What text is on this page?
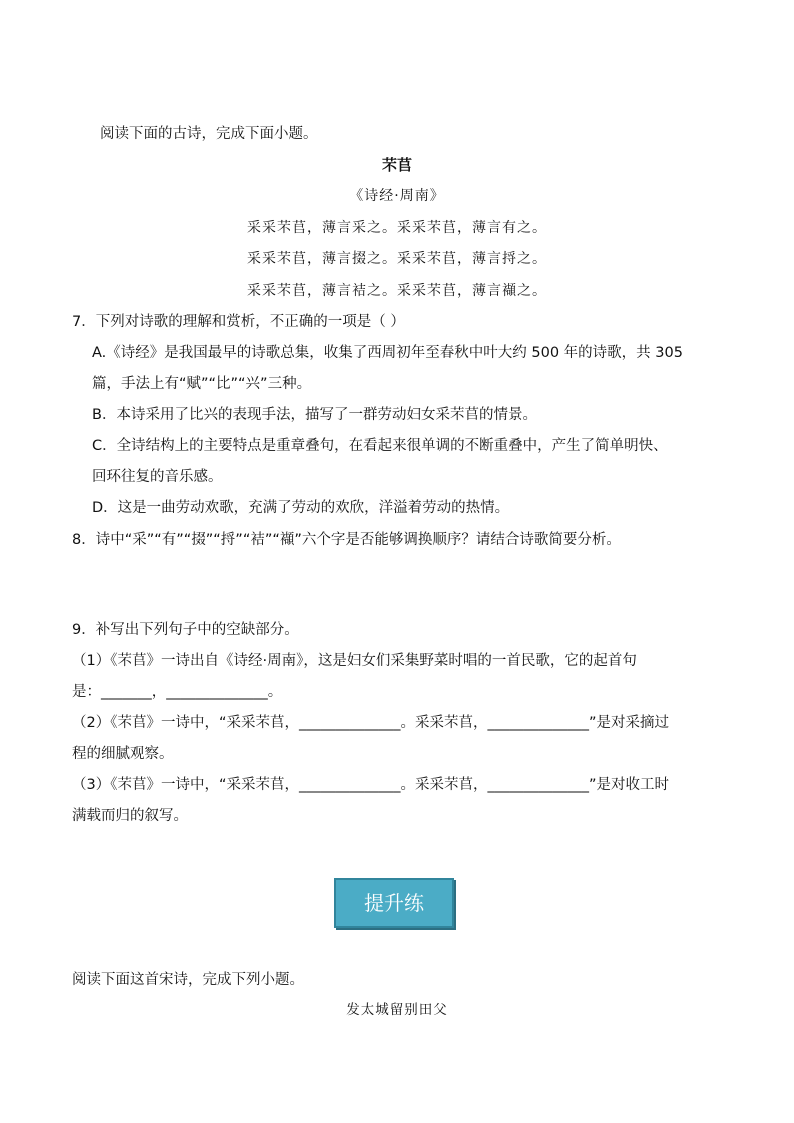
阅读下面的古诗，完成下面小题。
芣苢
《诗经·周南》
采采芣苢，薄言采之。采采芣苢，薄言有之。
采采芣苢，薄言掇之。采采芣苢，薄言捋之。
采采芣苢，薄言袺之。采采芣苢，薄言襭之。
7．下列对诗歌的理解和赏析，不正确的一项是（ ）
A.《诗经》是我国最早的诗歌总集，收集了西周初年至春秋中叶大约 500 年的诗歌，共 305
篇，手法上有“赋”“比”“兴”三种。
B．本诗采用了比兴的表现手法，描写了一群劳动妇女采芣苢的情景。
C．全诗结构上的主要特点是重章叠句，在看起来很单调的不断重叠中，产生了简单明快、
回环往复的音乐感。
D．这是一曲劳动欢歌，充满了劳动的欢欣，洋溢着劳动的热情。
8．诗中“采”“有”“掇”“捋”“袺”“襭”六个字是否能够调换顺序？请结合诗歌简要分析。
9．补写出下列句子中的空缺部分。
（1）《芣苢》一诗出自《诗经·周南》，这是妇女们采集野菜时唱的一首民歌，它的起首句
是：_______，______________。
（2）《芣苢》一诗中，“采采芣苢，______________。采采芣苢，______________”是对采摘过
程的细腻观察。
（3）《芣苢》一诗中，“采采芣苢，______________。采采芣苢，______________”是对收工时
满载而归的叙写。
提升练
阅读下面这首宋诗，完成下列小题。
发太城留别田父
